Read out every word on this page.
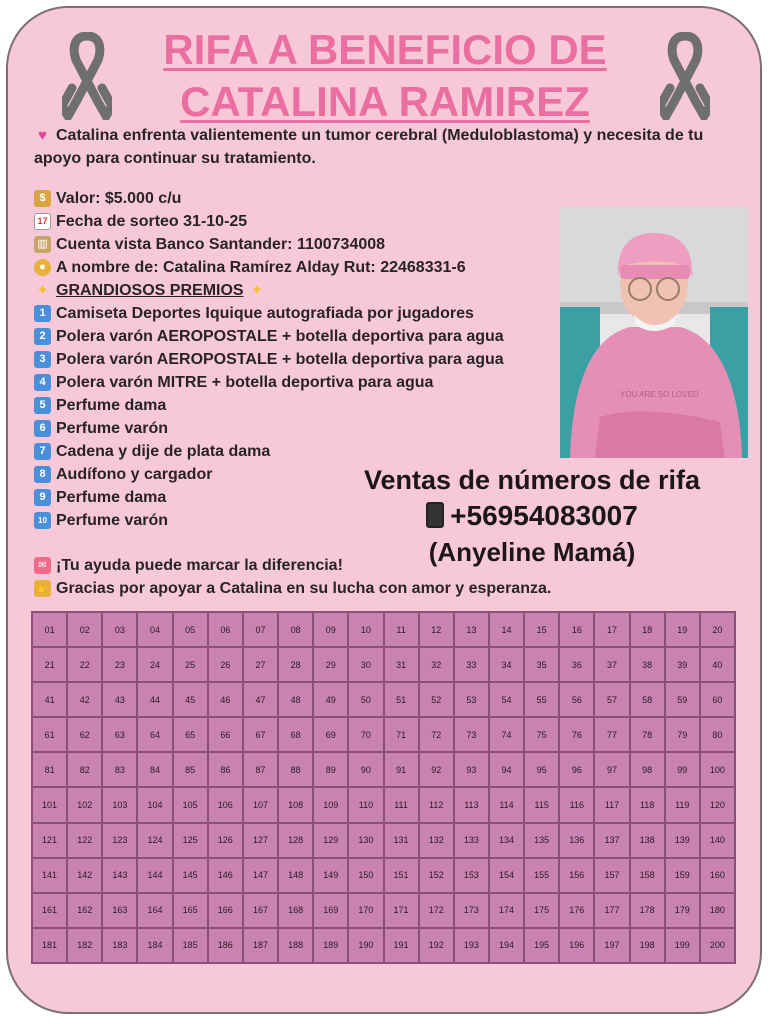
RIFA A BENEFICIO DE
CATALINA RAMIREZ
♥ Catalina enfrenta valientemente un tumor cerebral (Meduloblastoma) y necesita de tu apoyo para continuar su tratamiento.
$ Valor: $5.000 c/u
17 Fecha de sorteo 31-10-25
▥ Cuenta vista Banco Santander: 1100734008
● A nombre de: Catalina Ramírez Alday Rut: 22468331-6
✦ GRANDIOSOS PREMIOS ✦
1 Camiseta Deportes Iquique autografiada por jugadores
2 Polera varón AEROPOSTALE + botella deportiva para agua
3 Polera varón AEROPOSTALE + botella deportiva para agua
4 Polera varón MITRE + botella deportiva para agua
5 Perfume dama
6 Perfume varón
7 Cadena y dije de plata dama
8 Audífono y cargador
9 Perfume dama
10 Perfume varón
YOU ARE SO LOVED
Ventas de números de rifa
+56954083007
(Anyeline Mamá)
✉ ¡Tu ayuda puede marcar la diferencia!
✋ Gracias por apoyar a Catalina en su lucha con amor y esperanza.
01	02	03	04	05	06	07	08	09	10	11	12	13	14	15	16	17	18	19	20
21	22	23	24	25	26	27	28	29	30	31	32	33	34	35	36	37	38	39	40
41	42	43	44	45	46	47	48	49	50	51	52	53	54	55	56	57	58	59	60
61	62	63	64	65	66	67	68	69	70	71	72	73	74	75	76	77	78	79	80
81	82	83	84	85	86	87	88	89	90	91	92	93	94	95	96	97	98	99	100
101	102	103	104	105	106	107	108	109	110	111	112	113	114	115	116	117	118	119	120
121	122	123	124	125	126	127	128	129	130	131	132	133	134	135	136	137	138	139	140
141	142	143	144	145	146	147	148	149	150	151	152	153	154	155	156	157	158	159	160
161	162	163	164	165	166	167	168	169	170	171	172	173	174	175	176	177	178	179	180
181	182	183	184	185	186	187	188	189	190	191	192	193	194	195	196	197	198	199	200
